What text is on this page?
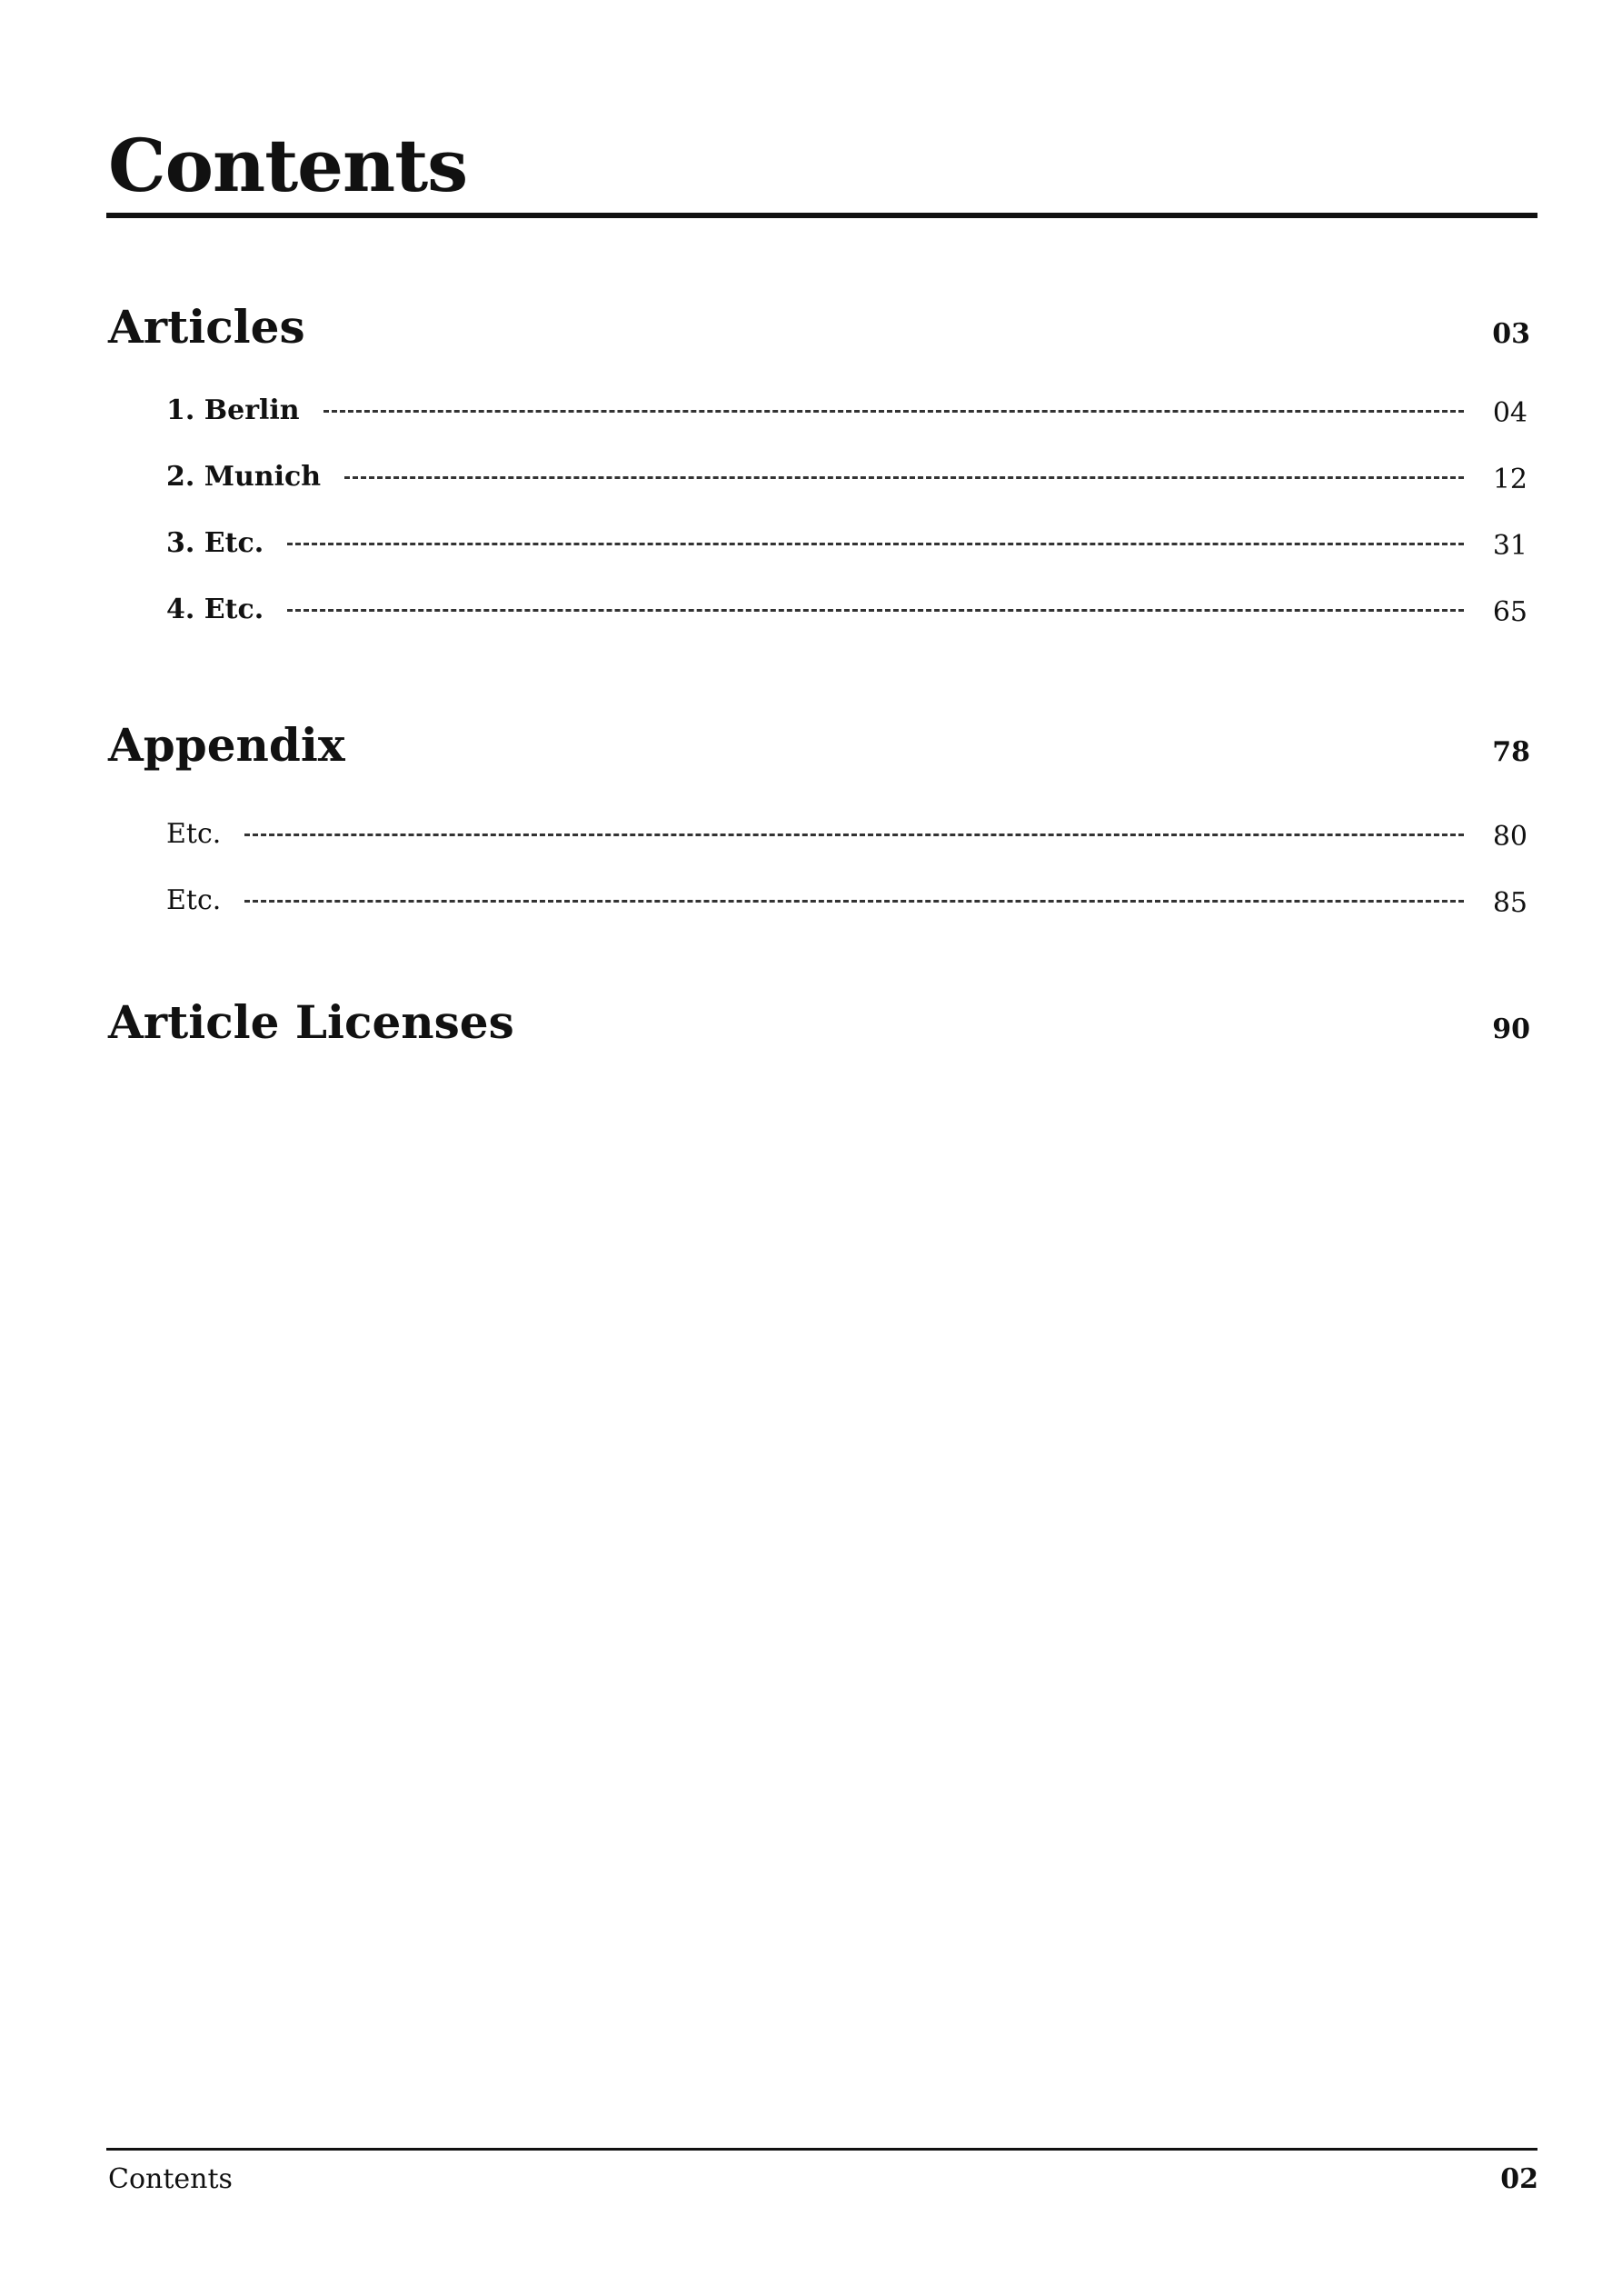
Contents
Articles	03
1. Berlin	04
2. Munich	12
3. Etc.	31
4. Etc.	65
Appendix	78
Etc.	80
Etc.	85
Article Licenses	90
Contents	02
